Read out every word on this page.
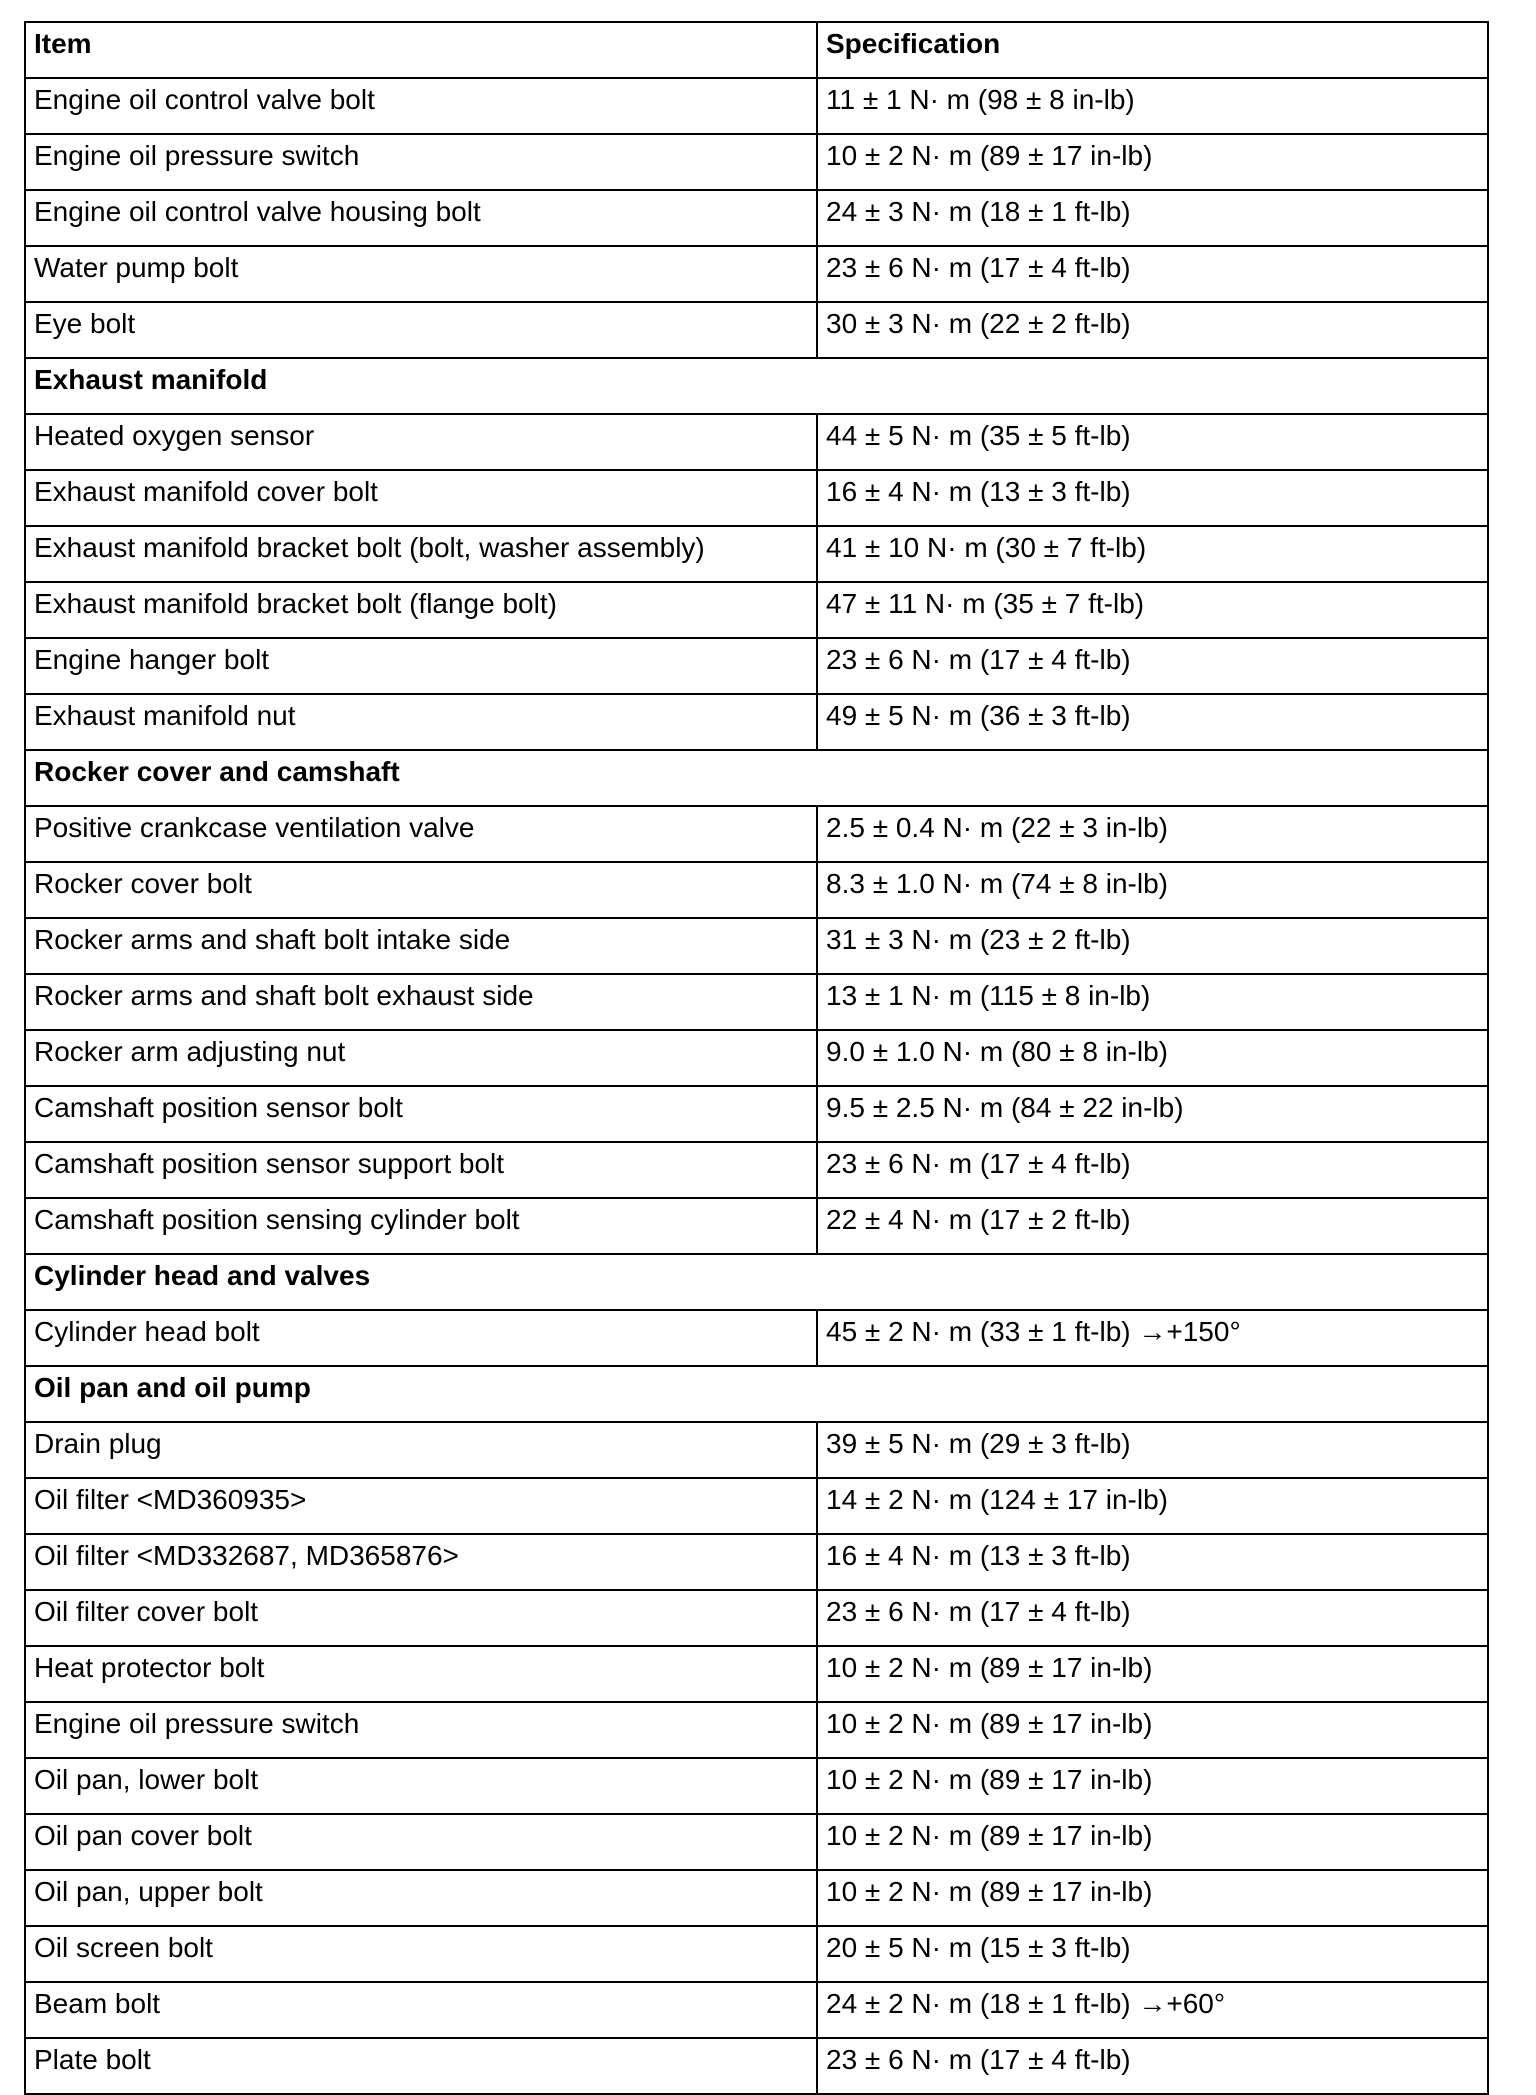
Item	Specification
Engine oil control valve bolt	11 ± 1 N· m (98 ± 8 in-lb)
Engine oil pressure switch	10 ± 2 N· m (89 ± 17 in-lb)
Engine oil control valve housing bolt	24 ± 3 N· m (18 ± 1 ft-lb)
Water pump bolt	23 ± 6 N· m (17 ± 4 ft-lb)
Eye bolt	30 ± 3 N· m (22 ± 2 ft-lb)
Exhaust manifold	
Heated oxygen sensor	44 ± 5 N· m (35 ± 5 ft-lb)
Exhaust manifold cover bolt	16 ± 4 N· m (13 ± 3 ft-lb)
Exhaust manifold bracket bolt (bolt, washer assembly)	41 ± 10 N· m (30 ± 7 ft-lb)
Exhaust manifold bracket bolt (flange bolt)	47 ± 11 N· m (35 ± 7 ft-lb)
Engine hanger bolt	23 ± 6 N· m (17 ± 4 ft-lb)
Exhaust manifold nut	49 ± 5 N· m (36 ± 3 ft-lb)
Rocker cover and camshaft	
Positive crankcase ventilation valve	2.5 ± 0.4 N· m (22 ± 3 in-lb)
Rocker cover bolt	8.3 ± 1.0 N· m (74 ± 8 in-lb)
Rocker arms and shaft bolt intake side	31 ± 3 N· m (23 ± 2 ft-lb)
Rocker arms and shaft bolt exhaust side	13 ± 1 N· m (115 ± 8 in-lb)
Rocker arm adjusting nut	9.0 ± 1.0 N· m (80 ± 8 in-lb)
Camshaft position sensor bolt	9.5 ± 2.5 N· m (84 ± 22 in-lb)
Camshaft position sensor support bolt	23 ± 6 N· m (17 ± 4 ft-lb)
Camshaft position sensing cylinder bolt	22 ± 4 N· m (17 ± 2 ft-lb)
Cylinder head and valves	
Cylinder head bolt	45 ± 2 N· m (33 ± 1 ft-lb) →+150°
Oil pan and oil pump	
Drain plug	39 ± 5 N· m (29 ± 3 ft-lb)
Oil filter <MD360935>	14 ± 2 N· m (124 ± 17 in-lb)
Oil filter <MD332687, MD365876>	16 ± 4 N· m (13 ± 3 ft-lb)
Oil filter cover bolt	23 ± 6 N· m (17 ± 4 ft-lb)
Heat protector bolt	10 ± 2 N· m (89 ± 17 in-lb)
Engine oil pressure switch	10 ± 2 N· m (89 ± 17 in-lb)
Oil pan, lower bolt	10 ± 2 N· m (89 ± 17 in-lb)
Oil pan cover bolt	10 ± 2 N· m (89 ± 17 in-lb)
Oil pan, upper bolt	10 ± 2 N· m (89 ± 17 in-lb)
Oil screen bolt	20 ± 5 N· m (15 ± 3 ft-lb)
Beam bolt	24 ± 2 N· m (18 ± 1 ft-lb) →+60°
Plate bolt	23 ± 6 N· m (17 ± 4 ft-lb)
